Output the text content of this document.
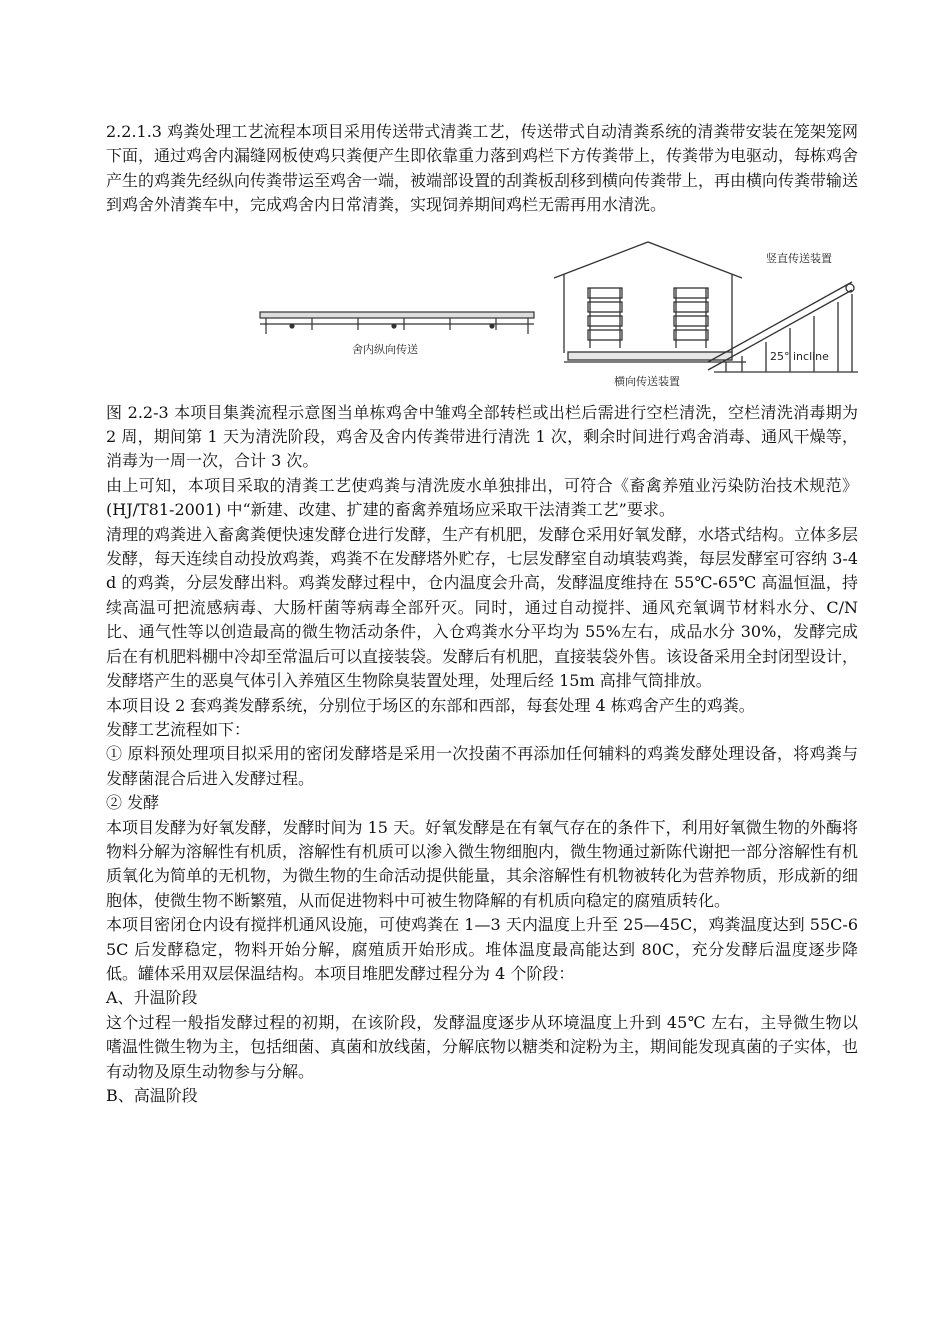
2.2.1.3 鸡粪处理工艺流程本项目采用传送带式清粪工艺，传送带式自动清粪系统的清粪带安装在笼架笼网下面，通过鸡舍内漏缝网板使鸡只粪便产生即依靠重力落到鸡栏下方传粪带上，传粪带为电驱动，每栋鸡舍产生的鸡粪先经纵向传粪带运至鸡舍一端，被端部设置的刮粪板刮移到横向传粪带上，再由横向传粪带输送到鸡舍外清粪车中，完成鸡舍内日常清粪，实现饲养期间鸡栏无需再用水清洗。

舍内纵向传送
横向传送装置
竖直传送装置
25° incline

图 2.2-3 本项目集粪流程示意图当单栋鸡舍中雏鸡全部转栏或出栏后需进行空栏清洗，空栏清洗消毒期为 2 周，期间第 1 天为清洗阶段，鸡舍及舍内传粪带进行清洗 1 次，剩余时间进行鸡舍消毒、通风干燥等，消毒为一周一次，合计 3 次。

由上可知，本项目采取的清粪工艺使鸡粪与清洗废水单独排出，可符合《畜禽养殖业污染防治技术规范》(HJ/T81-2001) 中“新建、改建、扩建的畜禽养殖场应采取干法清粪工艺”要求。

清理的鸡粪进入畜禽粪便快速发酵仓进行发酵，生产有机肥，发酵仓采用好氧发酵，水塔式结构。立体多层发酵，每天连续自动投放鸡粪，鸡粪不在发酵塔外贮存，七层发酵室自动填装鸡粪，每层发酵室可容纳 3-4d 的鸡粪，分层发酵出料。鸡粪发酵过程中，仓内温度会升高，发酵温度维持在 55℃-65℃ 高温恒温，持续高温可把流感病毒、大肠杆菌等病毒全部歼灭。同时，通过自动搅拌、通风充氧调节材料水分、C/N 比、通气性等以创造最高的微生物活动条件，入仓鸡粪水分平均为 55%左右，成品水分 30%，发酵完成后在有机肥料棚中冷却至常温后可以直接装袋。发酵后有机肥，直接装袋外售。该设备采用全封闭型设计，发酵塔产生的恶臭气体引入养殖区生物除臭装置处理，处理后经 15m 高排气筒排放。

本项目设 2 套鸡粪发酵系统，分别位于场区的东部和西部，每套处理 4 栋鸡舍产生的鸡粪。

发酵工艺流程如下：

① 原料预处理项目拟采用的密闭发酵塔是采用一次投菌不再添加任何辅料的鸡粪发酵处理设备，将鸡粪与发酵菌混合后进入发酵过程。

② 发酵

本项目发酵为好氧发酵，发酵时间为 15 天。好氧发酵是在有氧气存在的条件下，利用好氧微生物的外酶将物料分解为溶解性有机质，溶解性有机质可以渗入微生物细胞内，微生物通过新陈代谢把一部分溶解性有机质氧化为简单的无机物，为微生物的生命活动提供能量，其余溶解性有机物被转化为营养物质，形成新的细胞体，使微生物不断繁殖，从而促进物料中可被生物降解的有机质向稳定的腐殖质转化。

本项目密闭仓内设有搅拌机通风设施，可使鸡粪在 1—3 天内温度上升至 25—45C，鸡粪温度达到 55C-65C 后发酵稳定，物料开始分解，腐殖质开始形成。堆体温度最高能达到 80C，充分发酵后温度逐步降低。罐体采用双层保温结构。本项目堆肥发酵过程分为 4 个阶段：

A、升温阶段

这个过程一般指发酵过程的初期，在该阶段，发酵温度逐步从环境温度上升到 45℃ 左右，主导微生物以嗜温性微生物为主，包括细菌、真菌和放线菌，分解底物以糖类和淀粉为主，期间能发现真菌的子实体，也有动物及原生动物参与分解。

B、高温阶段
